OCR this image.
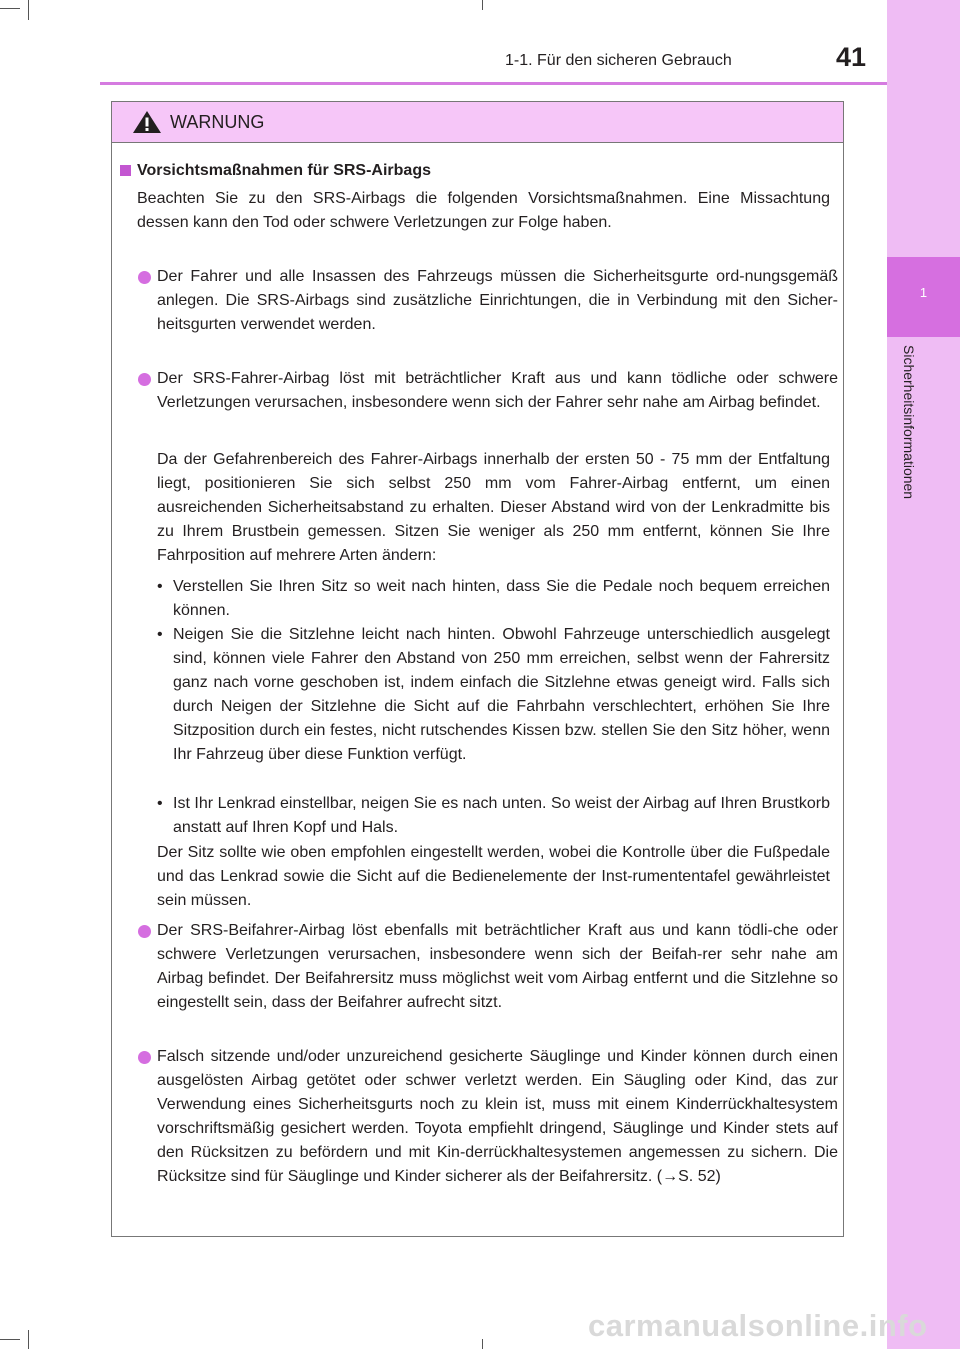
1
Sicherheitsinformationen
1-1. Für den sicheren Gebrauch	41
WARNUNG
Vorsichtsmaßnahmen für SRS-Airbags
Beachten Sie zu den SRS-Airbags die folgenden Vorsichtsmaßnahmen. Eine Missachtung dessen kann den Tod oder schwere Verletzungen zur Folge haben.
Der Fahrer und alle Insassen des Fahrzeugs müssen die Sicherheitsgurte ord-nungsgemäß anlegen. Die SRS-Airbags sind zusätzliche Einrichtungen, die in Verbindung mit den Sicher-heitsgurten verwendet werden.
Der SRS-Fahrer-Airbag löst mit beträchtlicher Kraft aus und kann tödliche oder schwere Verletzungen verursachen, insbesondere wenn sich der Fahrer sehr nahe am Airbag befindet.
Da der Gefahrenbereich des Fahrer-Airbags innerhalb der ersten 50 - 75 mm der Entfaltung liegt, positionieren Sie sich selbst 250 mm vom Fahrer-Airbag entfernt, um einen ausreichenden Sicherheitsabstand zu erhalten. Dieser Abstand wird von der Lenkradmitte bis zu Ihrem Brustbein gemessen. Sitzen Sie weniger als 250 mm entfernt, können Sie Ihre Fahrposition auf mehrere Arten ändern:
• Verstellen Sie Ihren Sitz so weit nach hinten, dass Sie die Pedale noch bequem erreichen können.
• Neigen Sie die Sitzlehne leicht nach hinten. Obwohl Fahrzeuge unterschiedlich ausgelegt sind, können viele Fahrer den Abstand von 250 mm erreichen, selbst wenn der Fahrersitz ganz nach vorne geschoben ist, indem einfach die Sitzlehne etwas geneigt wird. Falls sich durch Neigen der Sitzlehne die Sicht auf die Fahrbahn verschlechtert, erhöhen Sie Ihre Sitzposition durch ein festes, nicht rutschendes Kissen bzw. stellen Sie den Sitz höher, wenn Ihr Fahrzeug über diese Funktion verfügt.
• Ist Ihr Lenkrad einstellbar, neigen Sie es nach unten. So weist der Airbag auf Ihren Brustkorb anstatt auf Ihren Kopf und Hals.
Der Sitz sollte wie oben empfohlen eingestellt werden, wobei die Kontrolle über die Fußpedale und das Lenkrad sowie die Sicht auf die Bedienelemente der Inst-rumententafel gewährleistet sein müssen.
Der SRS-Beifahrer-Airbag löst ebenfalls mit beträchtlicher Kraft aus und kann tödli-che oder schwere Verletzungen verursachen, insbesondere wenn sich der Beifah-rer sehr nahe am Airbag befindet. Der Beifahrersitz muss möglichst weit vom Airbag entfernt und die Sitzlehne so eingestellt sein, dass der Beifahrer aufrecht sitzt.
Falsch sitzende und/oder unzureichend gesicherte Säuglinge und Kinder können durch einen ausgelösten Airbag getötet oder schwer verletzt werden. Ein Säugling oder Kind, das zur Verwendung eines Sicherheitsgurts noch zu klein ist, muss mit einem Kinderrückhaltesystem vorschriftsmäßig gesichert werden. Toyota empfiehlt dringend, Säuglinge und Kinder stets auf den Rücksitzen zu befördern und mit Kin-derrückhaltesystemen angemessen zu sichern. Die Rücksitze sind für Säuglinge und Kinder sicherer als der Beifahrersitz. (→S. 52)
carmanualsonline.info
